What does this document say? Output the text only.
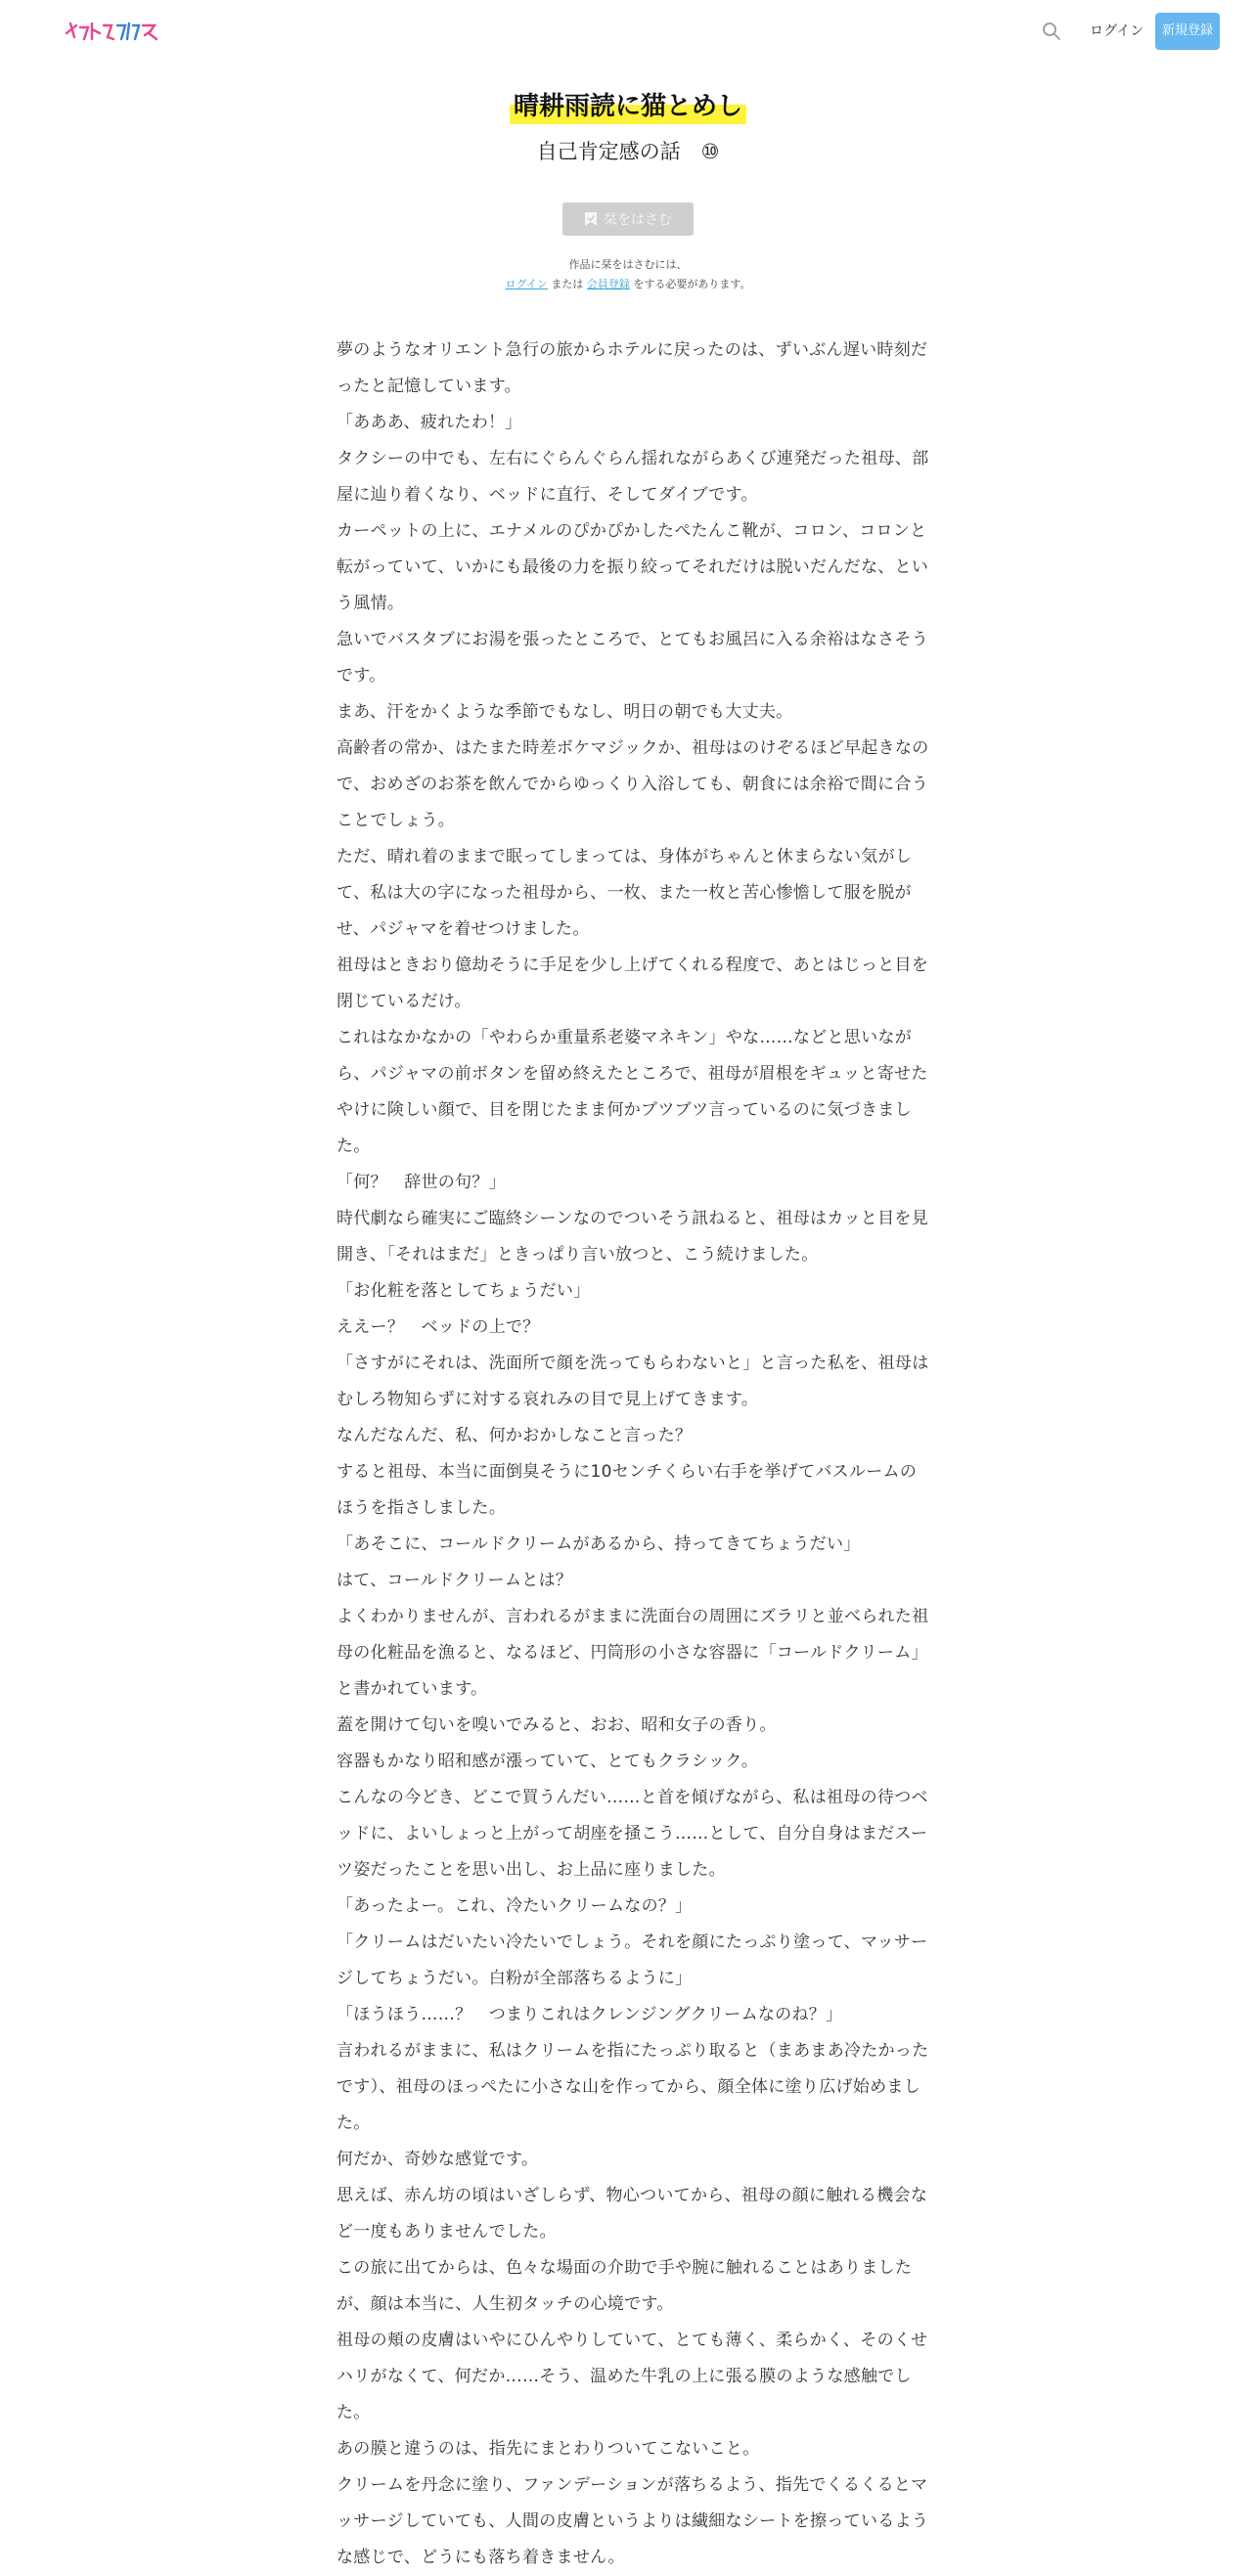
ログイン	新規登録
晴耕雨読に猫とめし
自己肯定感の話　⑩
栞をはさむ
作品に栞をはさむには、
ログイン または 会員登録 をする必要があります。

夢のようなオリエント急行の旅からホテルに戻ったのは、ずいぶん遅い時刻だったと記憶しています。

「あああ、疲れたわ！」

タクシーの中でも、左右にぐらんぐらん揺れながらあくび連発だった祖母、部屋に辿り着くなり、ベッドに直行、そしてダイブです。

カーペットの上に、エナメルのぴかぴかしたぺたんこ靴が、コロン、コロンと転がっていて、いかにも最後の力を振り絞ってそれだけは脱いだんだな、という風情。

急いでバスタブにお湯を張ったところで、とてもお風呂に入る余裕はなさそうです。

まあ、汗をかくような季節でもなし、明日の朝でも大丈夫。

高齢者の常か、はたまた時差ボケマジックか、祖母はのけぞるほど早起きなので、おめざのお茶を飲んでからゆっくり入浴しても、朝食には余裕で間に合うことでしょう。

ただ、晴れ着のままで眠ってしまっては、身体がちゃんと休まらない気がして、私は大の字になった祖母から、一枚、また一枚と苦心惨憺して服を脱がせ、パジャマを着せつけました。

祖母はときおり億劫そうに手足を少し上げてくれる程度で、あとはじっと目を閉じているだけ。

これはなかなかの「やわらか重量系老婆マネキン」やな……などと思いながら、パジャマの前ボタンを留め終えたところで、祖母が眉根をギュッと寄せたやけに険しい顔で、目を閉じたまま何かブツブツ言っているのに気づきました。

「何？　辞世の句？」

時代劇なら確実にご臨終シーンなのでついそう訊ねると、祖母はカッと目を見開き、「それはまだ」ときっぱり言い放つと、こう続けました。

「お化粧を落としてちょうだい」

ええー？　ベッドの上で？

「さすがにそれは、洗面所で顔を洗ってもらわないと」と言った私を、祖母はむしろ物知らずに対する哀れみの目で見上げてきます。

なんだなんだ、私、何かおかしなこと言った？

すると祖母、本当に面倒臭そうに10センチくらい右手を挙げてバスルームのほうを指さしました。

「あそこに、コールドクリームがあるから、持ってきてちょうだい」

はて、コールドクリームとは？

よくわかりませんが、言われるがままに洗面台の周囲にズラリと並べられた祖母の化粧品を漁ると、なるほど、円筒形の小さな容器に「コールドクリーム」と書かれています。

蓋を開けて匂いを嗅いでみると、おお、昭和女子の香り。

容器もかなり昭和感が漲っていて、とてもクラシック。

こんなの今どき、どこで買うんだい……と首を傾げながら、私は祖母の待つベッドに、よいしょっと上がって胡座を掻こう……として、自分自身はまだスーツ姿だったことを思い出し、お上品に座りました。

「あったよー。これ、冷たいクリームなの？」

「クリームはだいたい冷たいでしょう。それを顔にたっぷり塗って、マッサージしてちょうだい。白粉が全部落ちるように」

「ほうほう……？　つまりこれはクレンジングクリームなのね？」

言われるがままに、私はクリームを指にたっぷり取ると（まあまあ冷たかったです）、祖母のほっぺたに小さな山を作ってから、顔全体に塗り広げ始めました。

何だか、奇妙な感覚です。

思えば、赤ん坊の頃はいざしらず、物心ついてから、祖母の顔に触れる機会など一度もありませんでした。

この旅に出てからは、色々な場面の介助で手や腕に触れることはありましたが、顔は本当に、人生初タッチの心境です。

祖母の頬の皮膚はいやにひんやりしていて、とても薄く、柔らかく、そのくせハリがなくて、何だか……そう、温めた牛乳の上に張る膜のような感触でした。

あの膜と違うのは、指先にまとわりついてこないこと。

クリームを丹念に塗り、ファンデーションが落ちるよう、指先でくるくるとマッサージしていても、人間の皮膚というよりは繊細なシートを擦っているような感じで、どうにも落ち着きません。
